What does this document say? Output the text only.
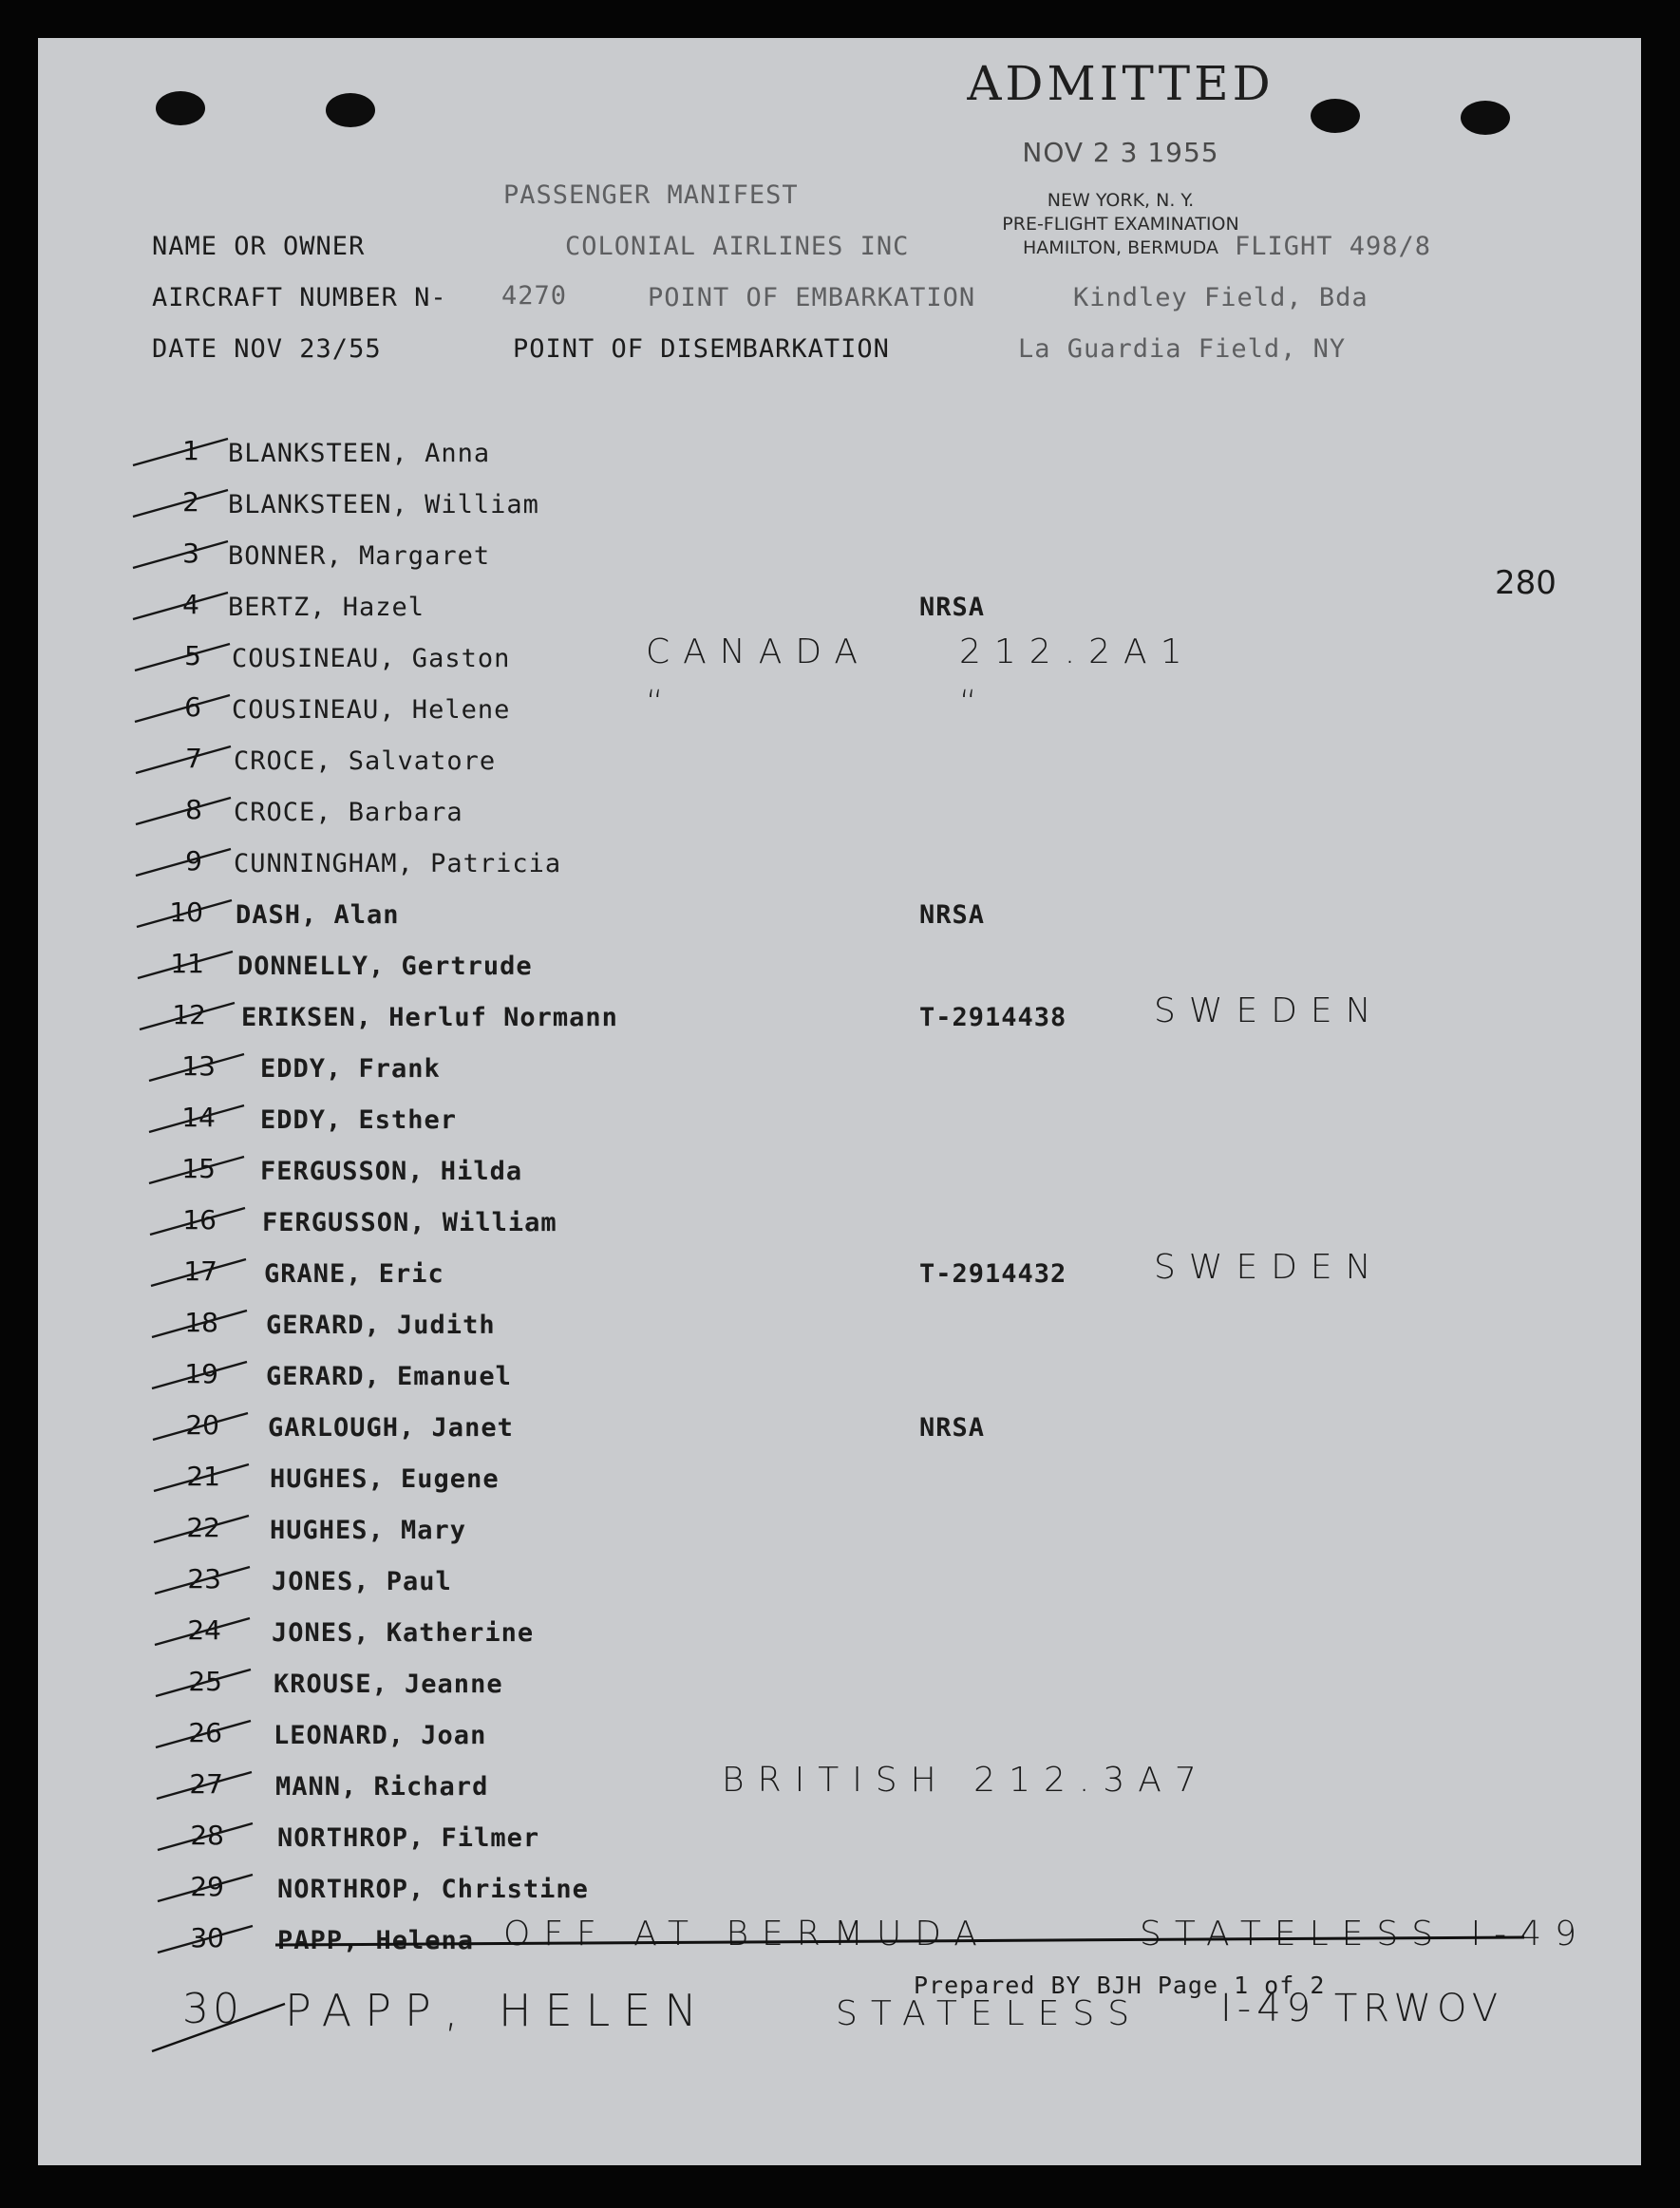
ADMITTED
NOV 2 3 1955
NEW YORK, N. Y.
PRE-FLIGHT EXAMINATION
HAMILTON, BERMUDA
PASSENGER MANIFEST
NAME OR OWNER	COLONIAL AIRLINES INC	FLIGHT 498/8
AIRCRAFT NUMBER N- 4270	POINT OF EMBARKATION	Kindley Field, Bda
DATE NOV 23/55	POINT OF DISEMBARKATION	La Guardia Field, NY
280
1 BLANKSTEEN, Anna
2 BLANKSTEEN, William
3 BONNER, Margaret
4 BERTZ, Hazel	NRSA
5 COUSINEAU, Gaston	CANADA	212.2A1
6 COUSINEAU, Helene	“	“
7 CROCE, Salvatore
8 CROCE, Barbara
9 CUNNINGHAM, Patricia
10 DASH, Alan	NRSA
11 DONNELLY, Gertrude
12 ERIKSEN, Herluf Normann	T-2914438	SWEDEN
13 EDDY, Frank
14 EDDY, Esther
15 FERGUSSON, Hilda
16 FERGUSSON, William
17 GRANE, Eric	T-2914432	SWEDEN
18 GERARD, Judith
19 GERARD, Emanuel
20 GARLOUGH, Janet	NRSA
21 HUGHES, Eugene
22 HUGHES, Mary
23 JONES, Paul
24 JONES, Katherine
25 KROUSE, Jeanne
26 LEONARD, Joan
27 MANN, Richard	BRITISH 212.3A7
28 NORTHROP, Filmer
29 NORTHROP, Christine
30 PAPP, Helena OFF AT BERMUDA	STATELESS I-49
Prepared BY BJH Page 1 of 2
30 PAPP, HELEN	STATELESS I-49 TRWOV
